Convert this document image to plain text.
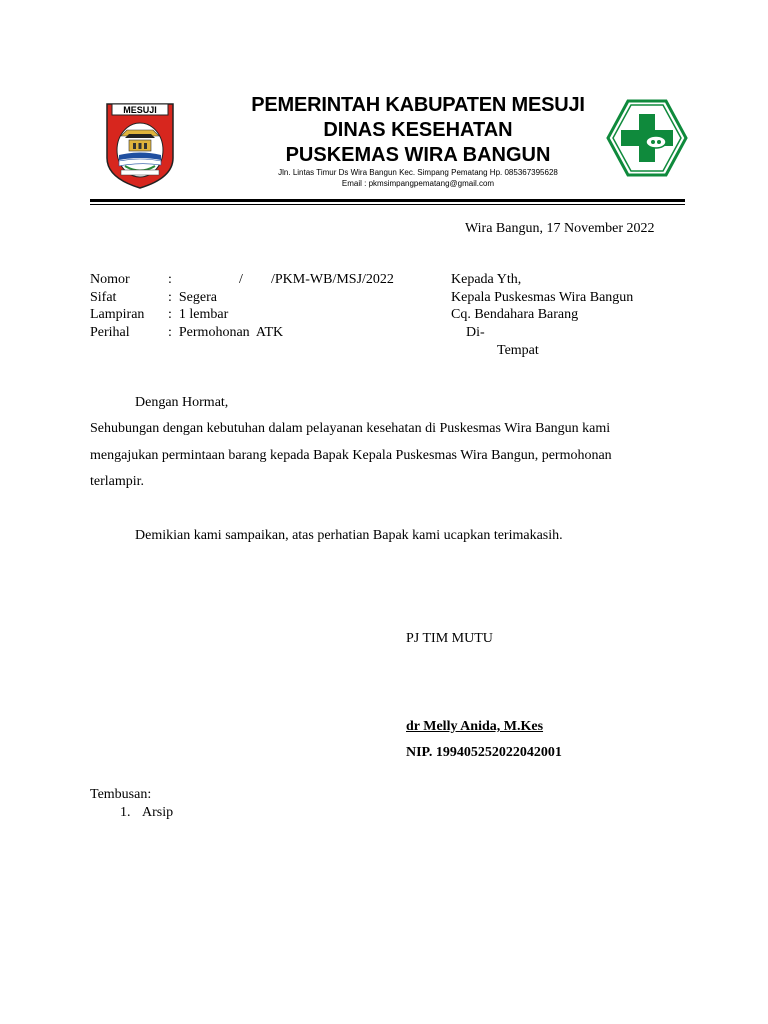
MESUJI	PEMERINTAH KABUPATEN MESUJI
DINAS KESEHATAN
PUSKEMAS WIRA BANGUN
Jln. Lintas Timur Ds Wira Bangun Kec. Simpang Pematang Hp. 085367395628
Email : pkmsimpangpematang@gmail.com
Wira Bangun, 17 November 2022
Nomor	:	/ /PKM-WB/MSJ/2022
Sifat	:  Segera
Lampiran :  1 lembar
Perihal	:  Permohonan  ATK
Kepada Yth,
Kepala Puskesmas Wira Bangun
Cq. Bendahara Barang
Di-
Tempat
Dengan Hormat,
Sehubungan dengan kebutuhan dalam pelayanan kesehatan di Puskesmas Wira Bangun kami
mengajukan permintaan barang kepada Bapak Kepala Puskesmas Wira Bangun, permohonan
terlampir.
Demikian kami sampaikan, atas perhatian Bapak kami ucapkan terimakasih.
PJ TIM MUTU
dr Melly Anida, M.Kes
NIP. 199405252022042001
Tembusan:
1. Arsip
